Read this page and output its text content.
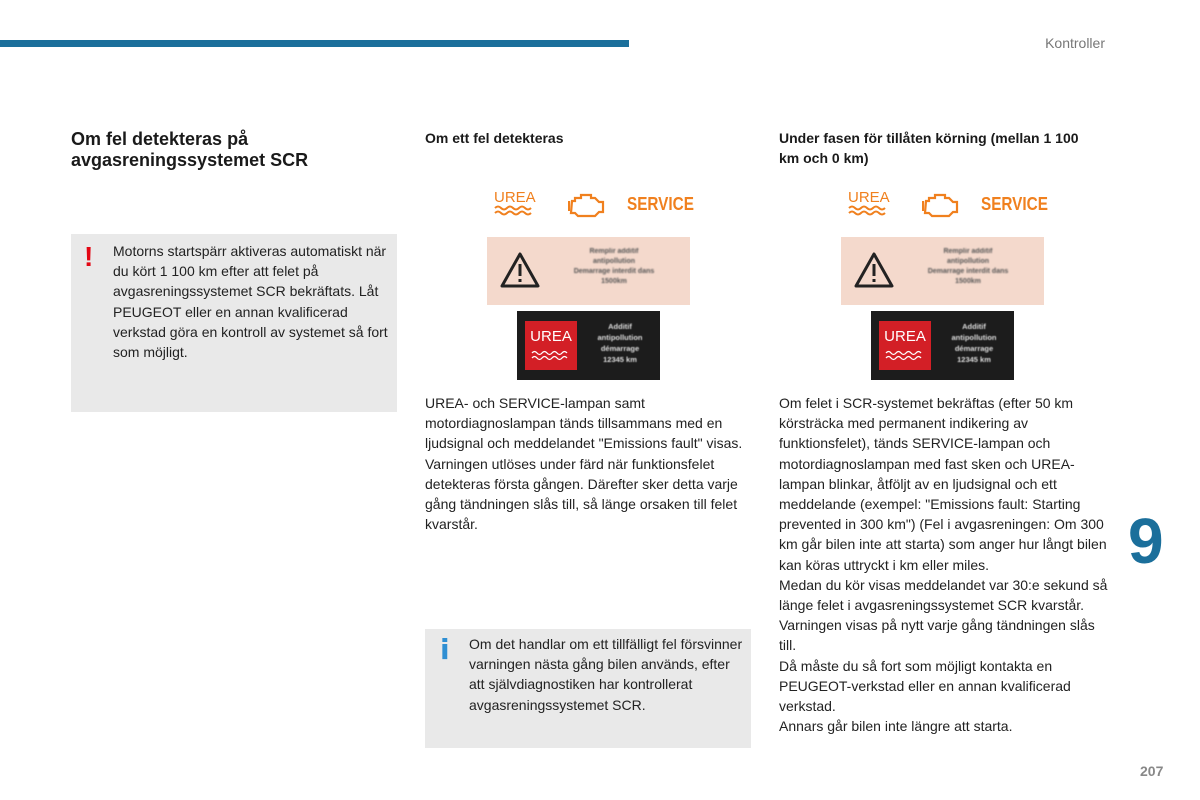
Kontroller
Om fel detekteras på avgasreningssystemet SCR
! Motorns startspärr aktiveras automatiskt när du kört 1 100 km efter att felet på avgasreningssystemet SCR bekräftats. Låt PEUGEOT eller en annan kvalificerad verkstad göra en kontroll av systemet så fort som möjligt.
Om ett fel detekteras
UREA	SERVICE
Remplir additif
antipollution
Demarrage interdit dans
1500km
UREA
Additif
antipollution
démarrage
12345 km
UREA- och SERVICE-lampan samt motordiagnoslampan tänds tillsammans med en ljudsignal och meddelandet "Emissions fault" visas.
Varningen utlöses under färd när funktionsfelet detekteras första gången. Därefter sker detta varje gång tändningen slås till, så länge orsaken till felet kvarstår.
i Om det handlar om ett tillfälligt fel försvinner varningen nästa gång bilen används, efter att självdiagnostiken har kontrollerat avgasreningssystemet SCR.
Under fasen för tillåten körning (mellan 1 100 km och 0 km)
UREA	SERVICE
Remplir additif
antipollution
Demarrage interdit dans
1500km
UREA
Additif
antipollution
démarrage
12345 km
Om felet i SCR-systemet bekräftas (efter 50 km körsträcka med permanent indikering av funktionsfelet), tänds SERVICE-lampan och motordiagnoslampan med fast sken och UREA-lampan blinkar, åtföljt av en ljudsignal och ett meddelande (exempel: "Emissions fault: Starting prevented in 300 km") (Fel i avgasreningen: Om 300 km går bilen inte att starta) som anger hur långt bilen kan köras uttryckt i km eller miles.
Medan du kör visas meddelandet var 30:e sekund så länge felet i avgasreningssystemet SCR kvarstår.
Varningen visas på nytt varje gång tändningen slås till.
Då måste du så fort som möjligt kontakta en PEUGEOT-verkstad eller en annan kvalificerad verkstad.
Annars går bilen inte längre att starta.
9
207
